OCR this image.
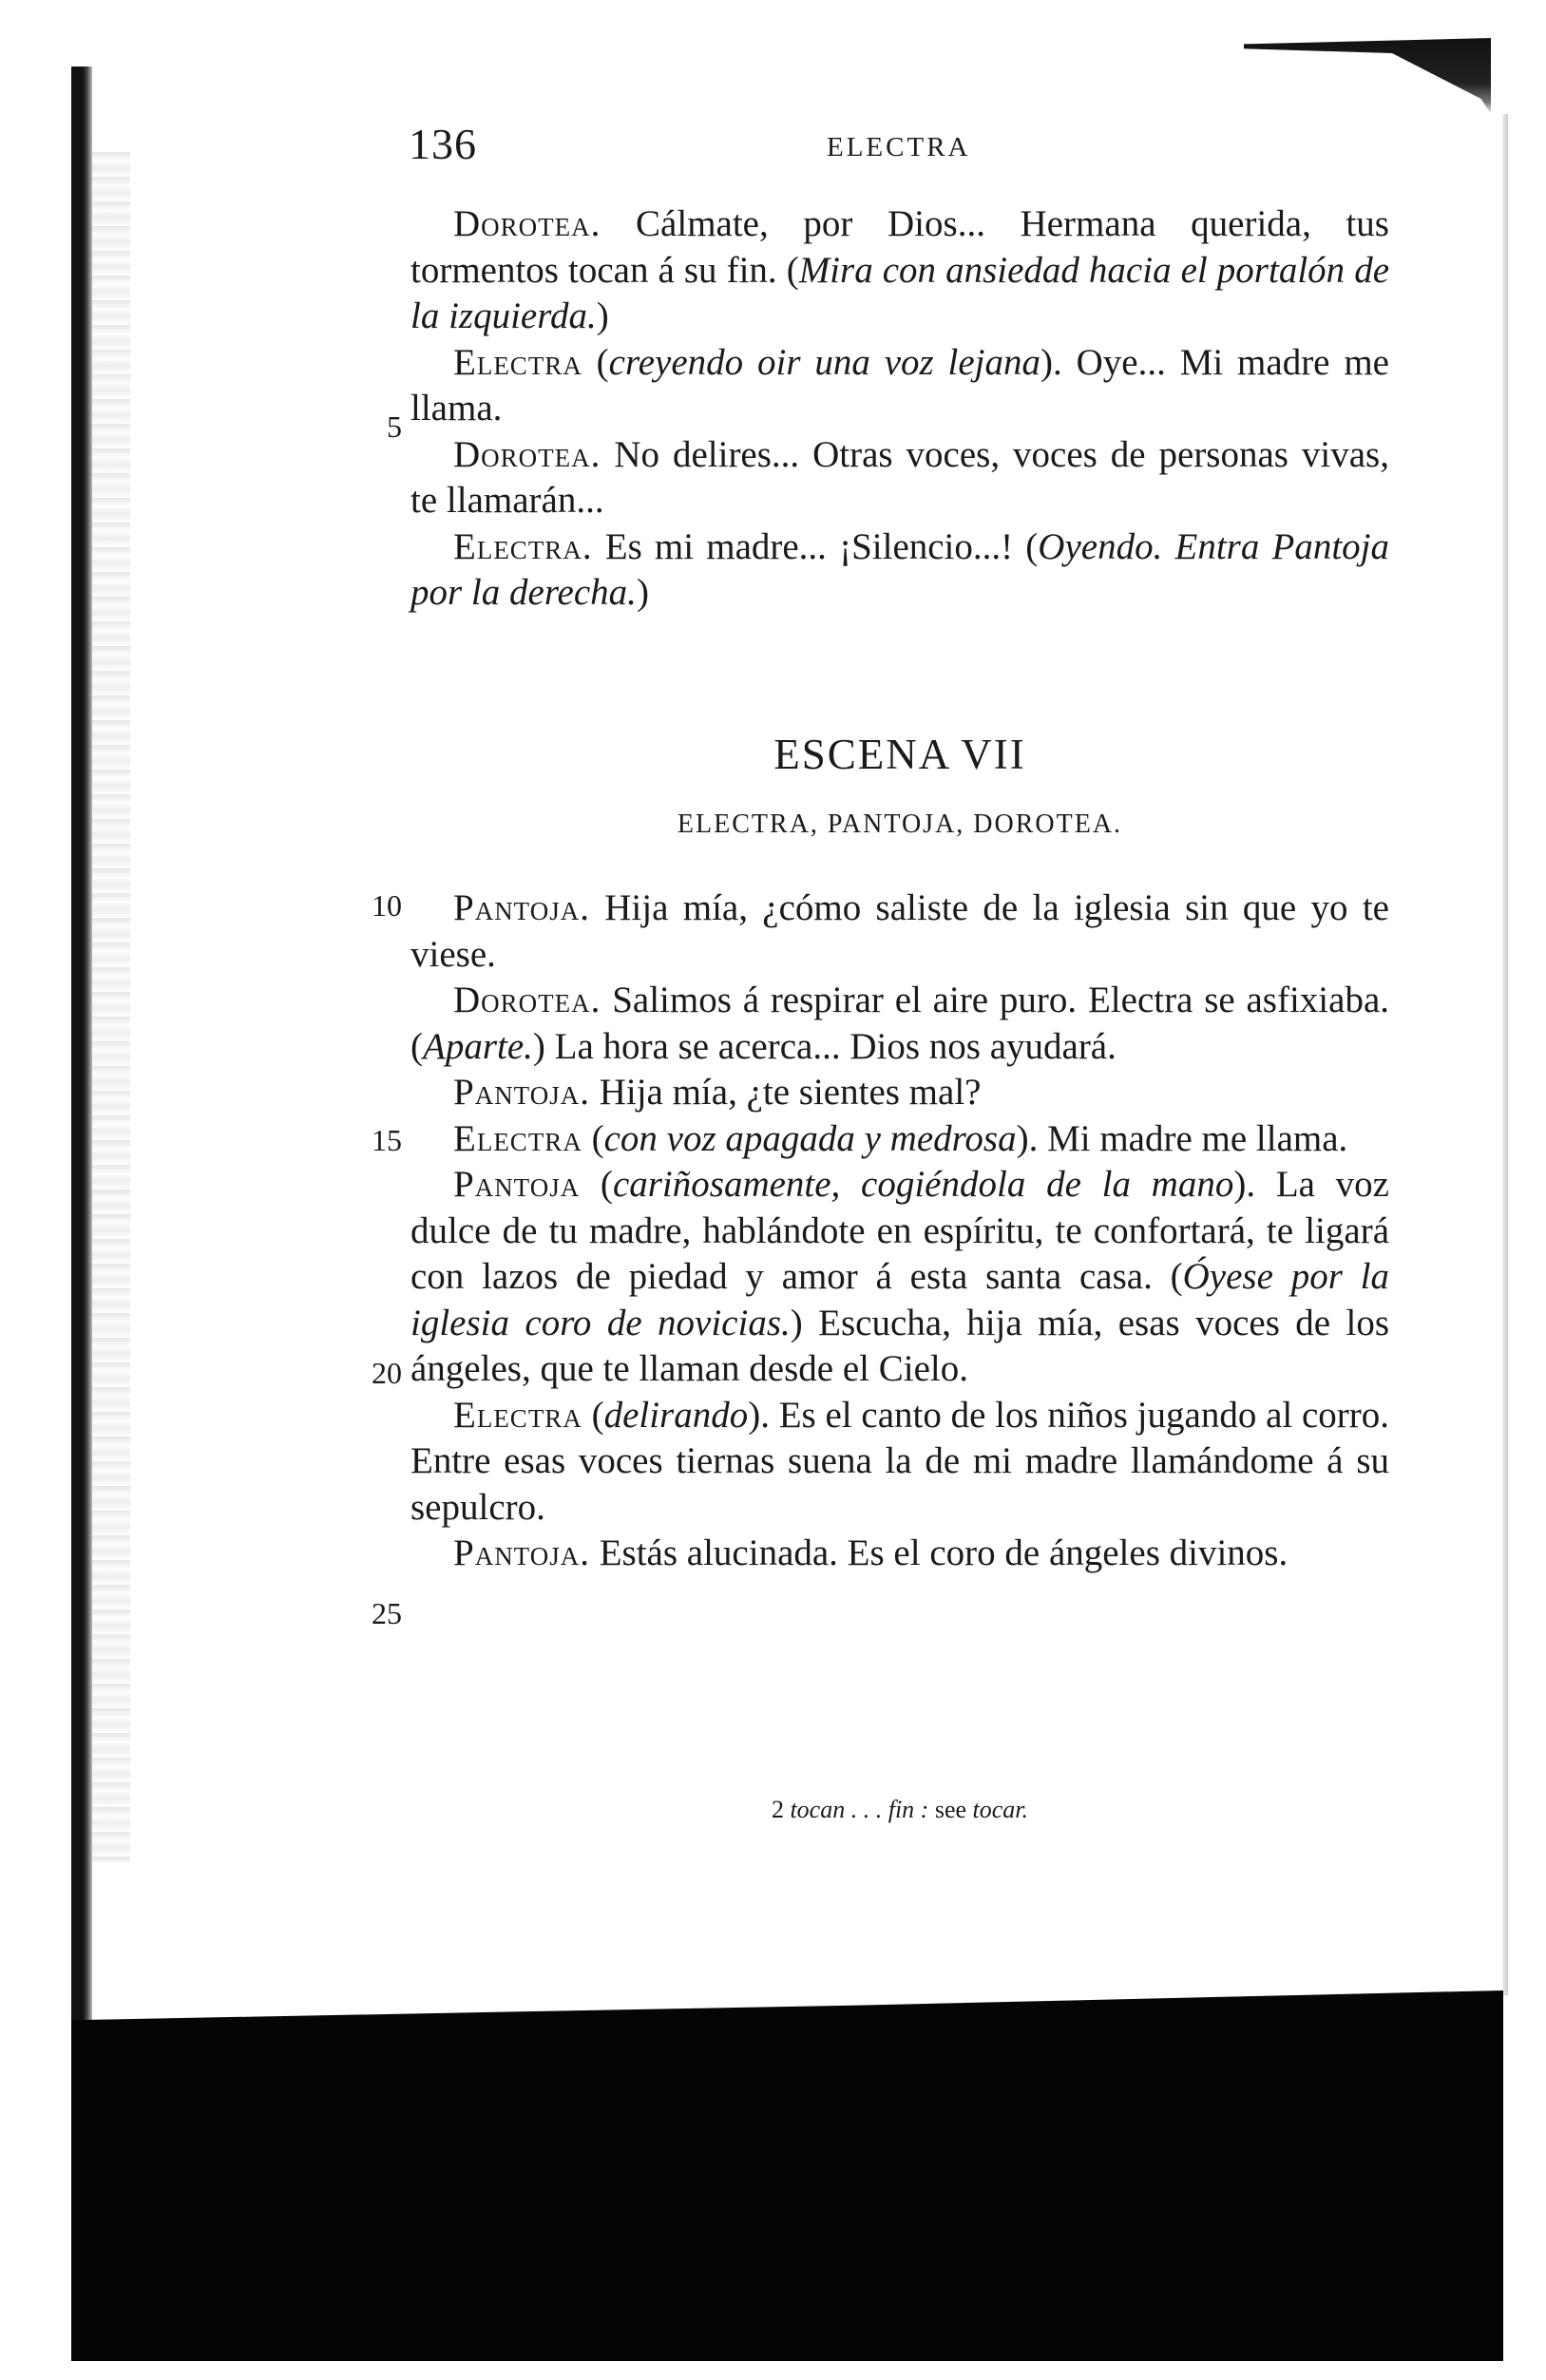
136	ELECTRA

Dorotea. Cálmate, por Dios... Hermana querida, tus tormentos tocan á su fin. (Mira con ansiedad hacia el portalón de la izquierda.)

Electra (creyendo oir una voz lejana). Oye... Mi madre me llama.

Dorotea. No delires... Otras voces, voces de personas vivas, te llamarán...

Electra. Es mi madre... ¡Silencio...! (Oyendo. Entra Pantoja por la derecha.)

ESCENA VII
ELECTRA, PANTOJA, DOROTEA.

Pantoja. Hija mía, ¿cómo saliste de la iglesia sin que yo te viese.

Dorotea. Salimos á respirar el aire puro. Electra se asfixiaba. (Aparte.) La hora se acerca... Dios nos ayudará.

Pantoja. Hija mía, ¿te sientes mal?

Electra (con voz apagada y medrosa). Mi madre me llama.

Pantoja (cariñosamente, cogiéndola de la mano). La voz dulce de tu madre, hablándote en espíritu, te confortará, te ligará con lazos de piedad y amor á esta santa casa. (Óyese por la iglesia coro de novicias.) Escucha, hija mía, esas voces de los ángeles, que te llaman desde el Cielo.

Electra (delirando). Es el canto de los niños jugando al corro. Entre esas voces tiernas suena la de mi madre llamándome á su sepulcro.

Pantoja. Estás alucinada. Es el coro de ángeles divinos.

5
10
15
20
25
2 tocan . . . fin : see tocar.
